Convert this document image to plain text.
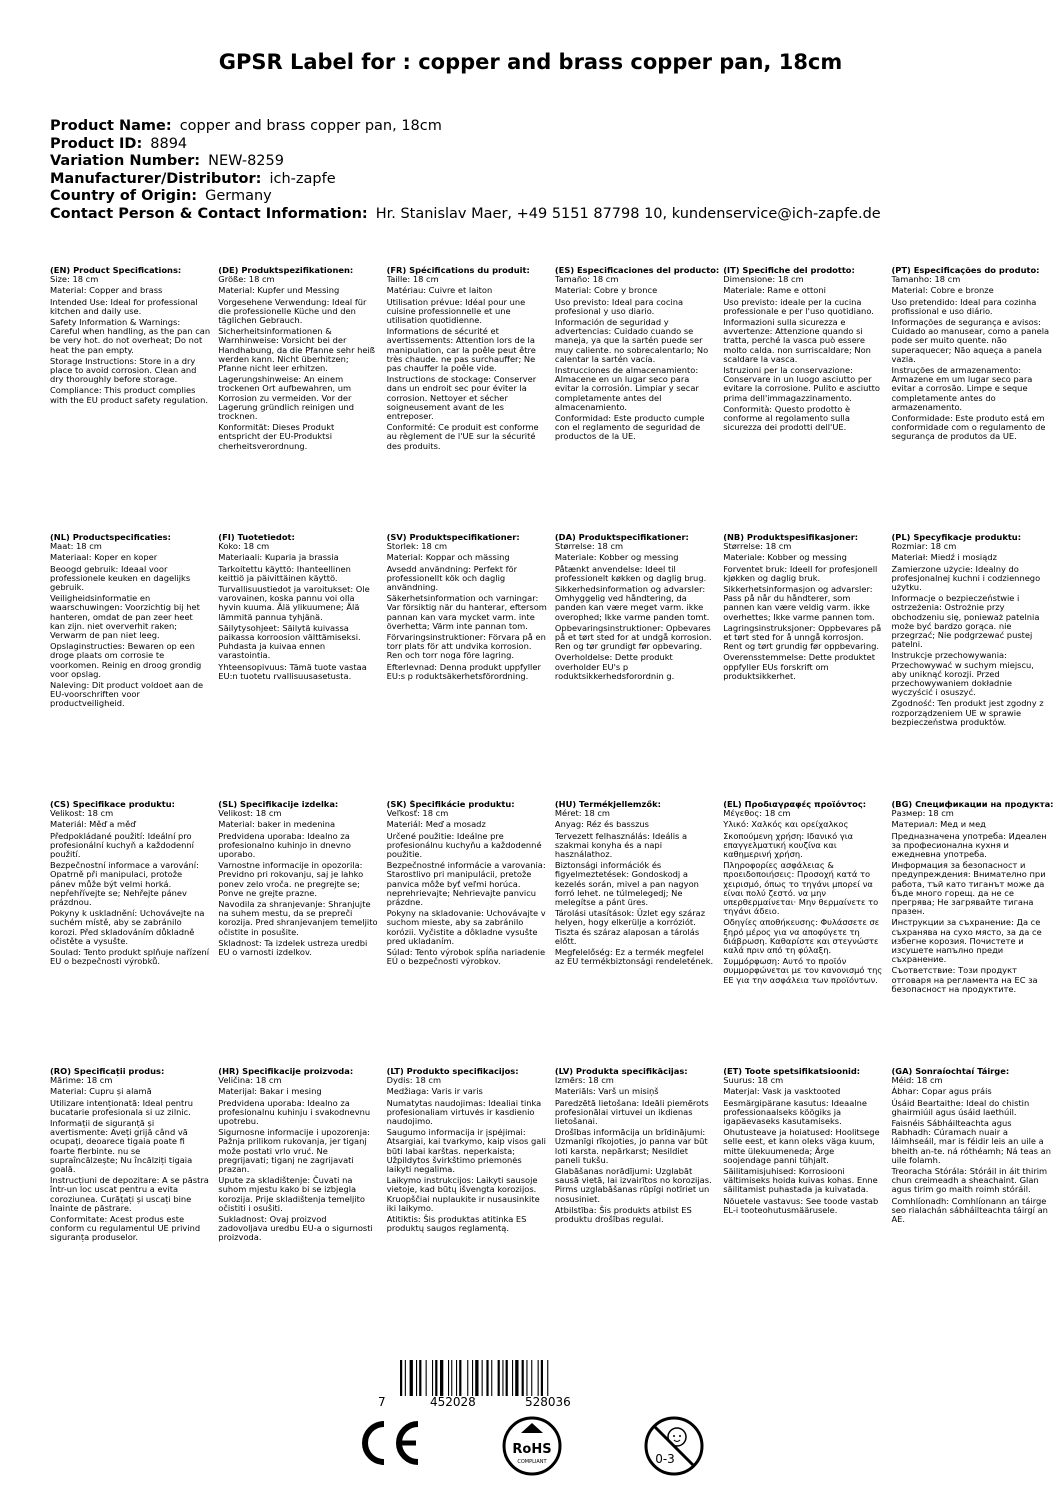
GPSR Label for : copper and brass copper pan, 18cm
Product Name: copper and brass copper pan, 18cm
Product ID: 8894
Variation Number: NEW-8259
Manufacturer/Distributor: ich-zapfe
Country of Origin: Germany
Contact Person & Contact Information: Hr. Stanislav Maer, +49 5151 87798 10, kundenservice@ich-zapfe.de
(EN) Product Specifications:

Size: 18 cm

Material: Copper and brass

Intended Use: Ideal for professional kitchen and daily use.

Safety Information & Warnings: Careful when handling, as the pan can be very hot. do not overheat; Do not heat the pan empty.

Storage Instructions: Store in a dry place to avoid corrosion. Clean and dry thoroughly before storage.

Compliance: This product complies with the EU product safety regulation.

(DE) Produktspezifikationen:

Größe: 18 cm

Material: Kupfer und Messing

Vorgesehene Verwendung: Ideal für die professionelle Küche und den täglichen Gebrauch.

Sicherheitsinformationen & Warnhinweise: Vorsicht bei der Handhabung, da die Pfanne sehr heiß werden kann. Nicht überhitzen; Pfanne nicht leer erhitzen.

Lagerungshinweise: An einem trockenen Ort aufbewahren, um Korrosion zu vermeiden. Vor der Lagerung gründlich reinigen und trocknen.

Konformität: Dieses Produkt entspricht der EU-Produktsi cherheitsverordnung.

(FR) Spécifications du produit:

Taille: 18 cm

Matériau: Cuivre et laiton

Utilisation prévue: Idéal pour une cuisine professionnelle et une utilisation quotidienne.

Informations de sécurité et avertissements: Attention lors de la manipulation, car la poêle peut être très chaude. ne pas surchauffer; Ne pas chauffer la poêle vide.

Instructions de stockage: Conserver dans un endroit sec pour éviter la corrosion. Nettoyer et sécher soigneusement avant de les entreposer.

Conformité: Ce produit est conforme au règlement de l'UE sur la sécurité des produits.

(ES) Especificaciones del producto:

Tamaño: 18 cm

Material: Cobre y bronce

Uso previsto: Ideal para cocina profesional y uso diario.

Información de seguridad y advertencias: Cuidado cuando se maneja, ya que la sartén puede ser muy caliente. no sobrecalentarlo; No calentar la sartén vacía.

Instrucciones de almacenamiento: Almacene en un lugar seco para evitar la corrosión. Limpiar y secar completamente antes del almacenamiento.

Conformidad: Este producto cumple con el reglamento de seguridad de productos de la UE.

(IT) Specifiche del prodotto:

Dimensione: 18 cm

Materiale: Rame e ottoni

Uso previsto: ideale per la cucina professionale e per l'uso quotidiano.

Informazioni sulla sicurezza e avvertenze: Attenzione quando si tratta, perché la vasca può essere molto calda. non surriscaldare; Non scaldare la vasca.

Istruzioni per la conservazione: Conservare in un luogo asciutto per evitare la corrosione. Pulito e asciutto prima dell'immagazzinamento.

Conformità: Questo prodotto è conforme al regolamento sulla sicurezza dei prodotti dell'UE.

(PT) Especificações do produto:

Tamanho: 18 cm

Material: Cobre e bronze

Uso pretendido: Ideal para cozinha profissional e uso diário.

Informações de segurança e avisos: Cuidado ao manusear, como a panela pode ser muito quente. não superaquecer; Não aqueça a panela vazia.

Instruções de armazenamento: Armazene em um lugar seco para evitar a corrosão. Limpe e seque completamente antes do armazenamento.

Conformidade: Este produto está em conformidade com o regulamento de segurança de produtos da UE.

(NL) Productspecificaties:

Maat: 18 cm

Materiaal: Koper en koper

Beoogd gebruik: Ideaal voor professionele keuken en dagelijks gebruik.

Veiligheidsinformatie en waarschuwingen: Voorzichtig bij het hanteren, omdat de pan zeer heet kan zijn. niet oververhit raken; Verwarm de pan niet leeg.

Opslaginstructies: Bewaren op een droge plaats om corrosie te voorkomen. Reinig en droog grondig voor opslag.

Naleving: Dit product voldoet aan de EU-voorschriften voor productveiligheid.

(FI) Tuotetiedot:

Koko: 18 cm

Materiaali: Kuparia ja brassia

Tarkoitettu käyttö: Ihanteellinen keittiö ja päivittäinen käyttö.

Turvallisuustiedot ja varoitukset: Ole varovainen, koska pannu voi olla hyvin kuuma. Älä ylikuumene; Älä lämmitä pannua tyhjänä.

Säilytysohjeet: Säilytä kuivassa paikassa korroosion välttämiseksi. Puhdasta ja kuivaa ennen varastointia.

Yhteensopivuus: Tämä tuote vastaa EU:n tuotetu rvallisuusasetusta.

(SV) Produktspecifikationer:

Storlek: 18 cm

Material: Koppar och mässing

Avsedd användning: Perfekt för professionellt kök och daglig användning.

Säkerhetsinformation och varningar: Var försiktig när du hanterar, eftersom pannan kan vara mycket varm. inte överhetta; Värm inte pannan tom.

Förvaringsinstruktioner: Förvara på en torr plats för att undvika korrosion. Ren och torr noga före lagring.

Efterlevnad: Denna produkt uppfyller EU:s p roduktsäkerhetsförordning.

(DA) Produktspecifikationer:

Størrelse: 18 cm

Materiale: Kobber og messing

Påtænkt anvendelse: Ideel til professionelt køkken og daglig brug.

Sikkerhedsinformation og advarsler: Omhyggelig ved håndtering, da panden kan være meget varm. ikke overophed; Ikke varme panden tomt.

Opbevaringsinstruktioner: Opbevares på et tørt sted for at undgå korrosion. Ren og tør grundigt før opbevaring.

Overholdelse: Dette produkt overholder EU's p roduktsikkerhedsforordnin g.

(NB) Produktspesifikasjoner:

Størrelse: 18 cm

Materiale: Kobber og messing

Forventet bruk: Ideell for profesjonell kjøkken og daglig bruk.

Sikkerhetsinformasjon og advarsler: Pass på når du håndterer, som pannen kan være veldig varm. ikke overhettes; Ikke varme pannen tom.

Lagringsinstruksjoner: Oppbevares på et tørt sted for å unngå korrosjon. Rent og tørt grundig før oppbevaring.

Overensstemmelse: Dette produktet oppfyller EUs forskrift om produktsikkerhet.

(PL) Specyfikacje produktu:

Rozmiar: 18 cm

Materiał: Miedź i mosiądz

Zamierzone użycie: Idealny do profesjonalnej kuchni i codziennego użytku.

Informacje o bezpieczeństwie i ostrzeżenia: Ostrożnie przy obchodzeniu się, ponieważ patelnia może być bardzo gorąca. nie przegrzać; Nie podgrzewać pustej patelni.

Instrukcje przechowywania: Przechowywać w suchym miejscu, aby uniknąć korozji. Przed przechowywaniem dokładnie wyczyścić i osuszyć.

Zgodność: Ten produkt jest zgodny z rozporządzeniem UE w sprawie bezpieczeństwa produktów.

(CS) Specifikace produktu:

Velikost: 18 cm

Materiál: Měď a měď

Předpokládané použití: Ideální pro profesionální kuchyň a každodenní použití.

Bezpečnostní informace a varování: Opatrně při manipulaci, protože pánev může být velmi horká. nepřehřívejte se; Nehřejte pánev prázdnou.

Pokyny k uskladnění: Uchovávejte na suchém místě, aby se zabránilo korozi. Před skladováním důkladně očistěte a vysušte.

Soulad: Tento produkt splňuje nařízení EU o bezpečnosti výrobků.

(SL) Specifikacije izdelka:

Velikost: 18 cm

Material: baker in medenina

Predvidena uporaba: Idealno za profesionalno kuhinjo in dnevno uporabo.

Varnostne informacije in opozorila: Previdno pri rokovanju, saj je lahko ponev zelo vroča. ne pregrejte se; Ponve ne grejte prazne.

Navodila za shranjevanje: Shranjujte na suhem mestu, da se prepreči korozija. Pred shranjevanjem temeljito očistite in posušite.

Skladnost: Ta izdelek ustreza uredbi EU o varnosti izdelkov.

(SK) Špecifikácie produktu:

Veľkosť: 18 cm

Materiál: Meď a mosadz

Určené použitie: Ideálne pre profesionálnu kuchyňu a každodenné použitie.

Bezpečnostné informácie a varovania: Starostlivo pri manipulácii, pretože panvica môže byť veľmi horúca. neprehrievajte; Nehrievajte panvicu prázdne.

Pokyny na skladovanie: Uchovávajte v suchom mieste, aby sa zabránilo korózii. Vyčistite a dôkladne vysušte pred ukladaním.

Súlad: Tento výrobok spĺňa nariadenie EÚ o bezpečnosti výrobkov.

(HU) Termékjellemzők:

Méret: 18 cm

Anyag: Réz és basszus

Tervezett felhasználás: Ideális a szakmai konyha és a napi használathoz.

Biztonsági információk és figyelmeztetések: Gondoskodj a kezelés során, mivel a pan nagyon forró lehet. ne túlmelegedj; Ne melegítse a pánt üres.

Tárolási utasítások: Üzlet egy száraz helyen, hogy elkerülje a korróziót. Tiszta és száraz alaposan a tárolás előtt.

Megfelelőség: Ez a termék megfelel az EU termékbiztonsági rendeletének.

(EL) Προδιαγραφές προϊόντος:

Μέγεθος: 18 cm

Υλικό: Χαλκός και ορείχαλκος

Σκοπούμενη χρήση: Ιδανικό για επαγγελματική κουζίνα και καθημερινή χρήση.

Πληροφορίες ασφάλειας & προειδοποιήσεις: Προσοχή κατά το χειρισμό, όπως το τηγάνι μπορεί να είναι πολύ ζεστό. να μην υπερθερμαίνεται· Μην θερμαίνετε το τηγάνι άδειο.

Οδηγίες αποθήκευσης: Φυλάσσετε σε ξηρό μέρος για να αποφύγετε τη διάβρωση. Καθαρίστε και στεγνώστε καλά πριν από τη φύλαξη.

Συμμόρφωση: Αυτό το προϊόν συμμορφώνεται με τον κανονισμό της ΕΕ για την ασφάλεια των προϊόντων.

(BG) Спецификации на продукта:

Размер: 18 cm

Материал: Мед и мед

Предназначена употреба: Идеален за професионална кухня и ежедневна употреба.

Информация за безопасност и предупреждения: Внимателно при работа, тъй като тиганът може да бъде много горещ. да не се прегрява; Не загрявайте тигана празен.

Инструкции за съхранение: Да се съхранява на сухо място, за да се избегне корозия. Почистете и изсушете напълно преди съхранение.

Съответствие: Този продукт отговаря на регламента на ЕС за безопасност на продуктите.

(RO) Specificații produs:

Mărime: 18 cm

Material: Cupru și alamă

Utilizare intenționată: Ideal pentru bucatarie profesionala si uz zilnic.

Informații de siguranță și avertismente: Aveți grijă când vă ocupați, deoarece tigaia poate fi foarte fierbinte. nu se supraîncălzește; Nu încălziți tigaia goală.

Instrucțiuni de depozitare: A se păstra într-un loc uscat pentru a evita coroziunea. Curățați și uscați bine înainte de păstrare.

Conformitate: Acest produs este conform cu regulamentul UE privind siguranța produselor.

(HR) Specifikacije proizvoda:

Veličina: 18 cm

Materijal: Bakar i mesing

Predvidena uporaba: Idealno za profesionalnu kuhinju i svakodnevnu upotrebu.

Sigurnosne informacije i upozorenja: Pažnja prilikom rukovanja, jer tiganj može postati vrlo vruć. Ne pregrijavati; tiganj ne zagrijavati prazan.

Upute za skladištenje: Čuvati na suhom mjestu kako bi se izbjegla korozija. Prije skladištenja temeljito očistiti i osušiti.

Sukladnost: Ovaj proizvod zadovoljava uredbu EU-a o sigurnosti proizvoda.

(LT) Produkto specifikacijos:

Dydis: 18 cm

Medžiaga: Varis ir varis

Numatytas naudojimas: Idealiai tinka profesionaliam virtuvės ir kasdienio naudojimo.

Saugumo informacija ir įspėjimai: Atsargiai, kai tvarkymo, kaip visos gali būti labai karštas. neperkaista; Užpildytos švirkštimo priemonės laikyti negalima.

Laikymo instrukcijos: Laikyti sausoje vietoje, kad būtų išvengta korozijos. Kruopščiai nuplaukite ir nusausinkite iki laikymo.

Atitiktis: Šis produktas atitinka ES produktų saugos reglamentą.

(LV) Produkta specifikācijas:

Izmērs: 18 cm

Materiāls: Varš un misiņš

Paredzētā lietošana: Ideāli piemērots profesionālai virtuvei un ikdienas lietošanai.

Drošības informācija un brīdinājumi: Uzmanīgi rīkojoties, jo panna var būt loti karsta. nepārkarst; Nesildiet paneli tukšu.

Glabāšanas norādījumi: Uzglabāt sausā vietā, lai izvairītos no korozijas. Pirms uzglabāšanas rūpīgi notīriet un nosusiniet.

Atbilstība: Šis produkts atbilst ES produktu drošības regulai.

(ET) Toote spetsifikatsioonid:

Suurus: 18 cm

Materjal: Vask ja vasktooted

Eesmärgipärane kasutus: Ideaalne professionaalseks köögiks ja igapäevaseks kasutamiseks.

Ohutusteave ja hoiatused: Hoolitsege selle eest, et kann oleks väga kuum, mitte ülekuumeneda; Ärge soojendage panni tühjalt.

Säilitamisjuhised: Korrosiooni vältimiseks hoida kuivas kohas. Enne säilitamist puhastada ja kuivatada.

Nõuetele vastavus: See toode vastab EL-i tooteohutusmäärusele.

(GA) Sonraíochtaí Táirge:

Méid: 18 cm

Ábhar: Copar agus práis

Úsáid Beartaithe: Ideal do chistin ghairmiúil agus úsáid laethúil.

Faisnéis Sábháilteachta agus Rabhadh: Cúramach nuair a láimhseáil, mar is féidir leis an uile a bheith an-te. ná róthéamh; Ná teas an uile folamh.

Treoracha Stórála: Stóráil in áit thirim chun creimeadh a sheachaint. Glan agus tirim go maith roimh stóráil.

Comhlíonadh: Comhlíonann an táirge seo rialachán sábháilteachta táirgí an AE.

7	452028	528036
RoHS
COMPLIANT	0-3
